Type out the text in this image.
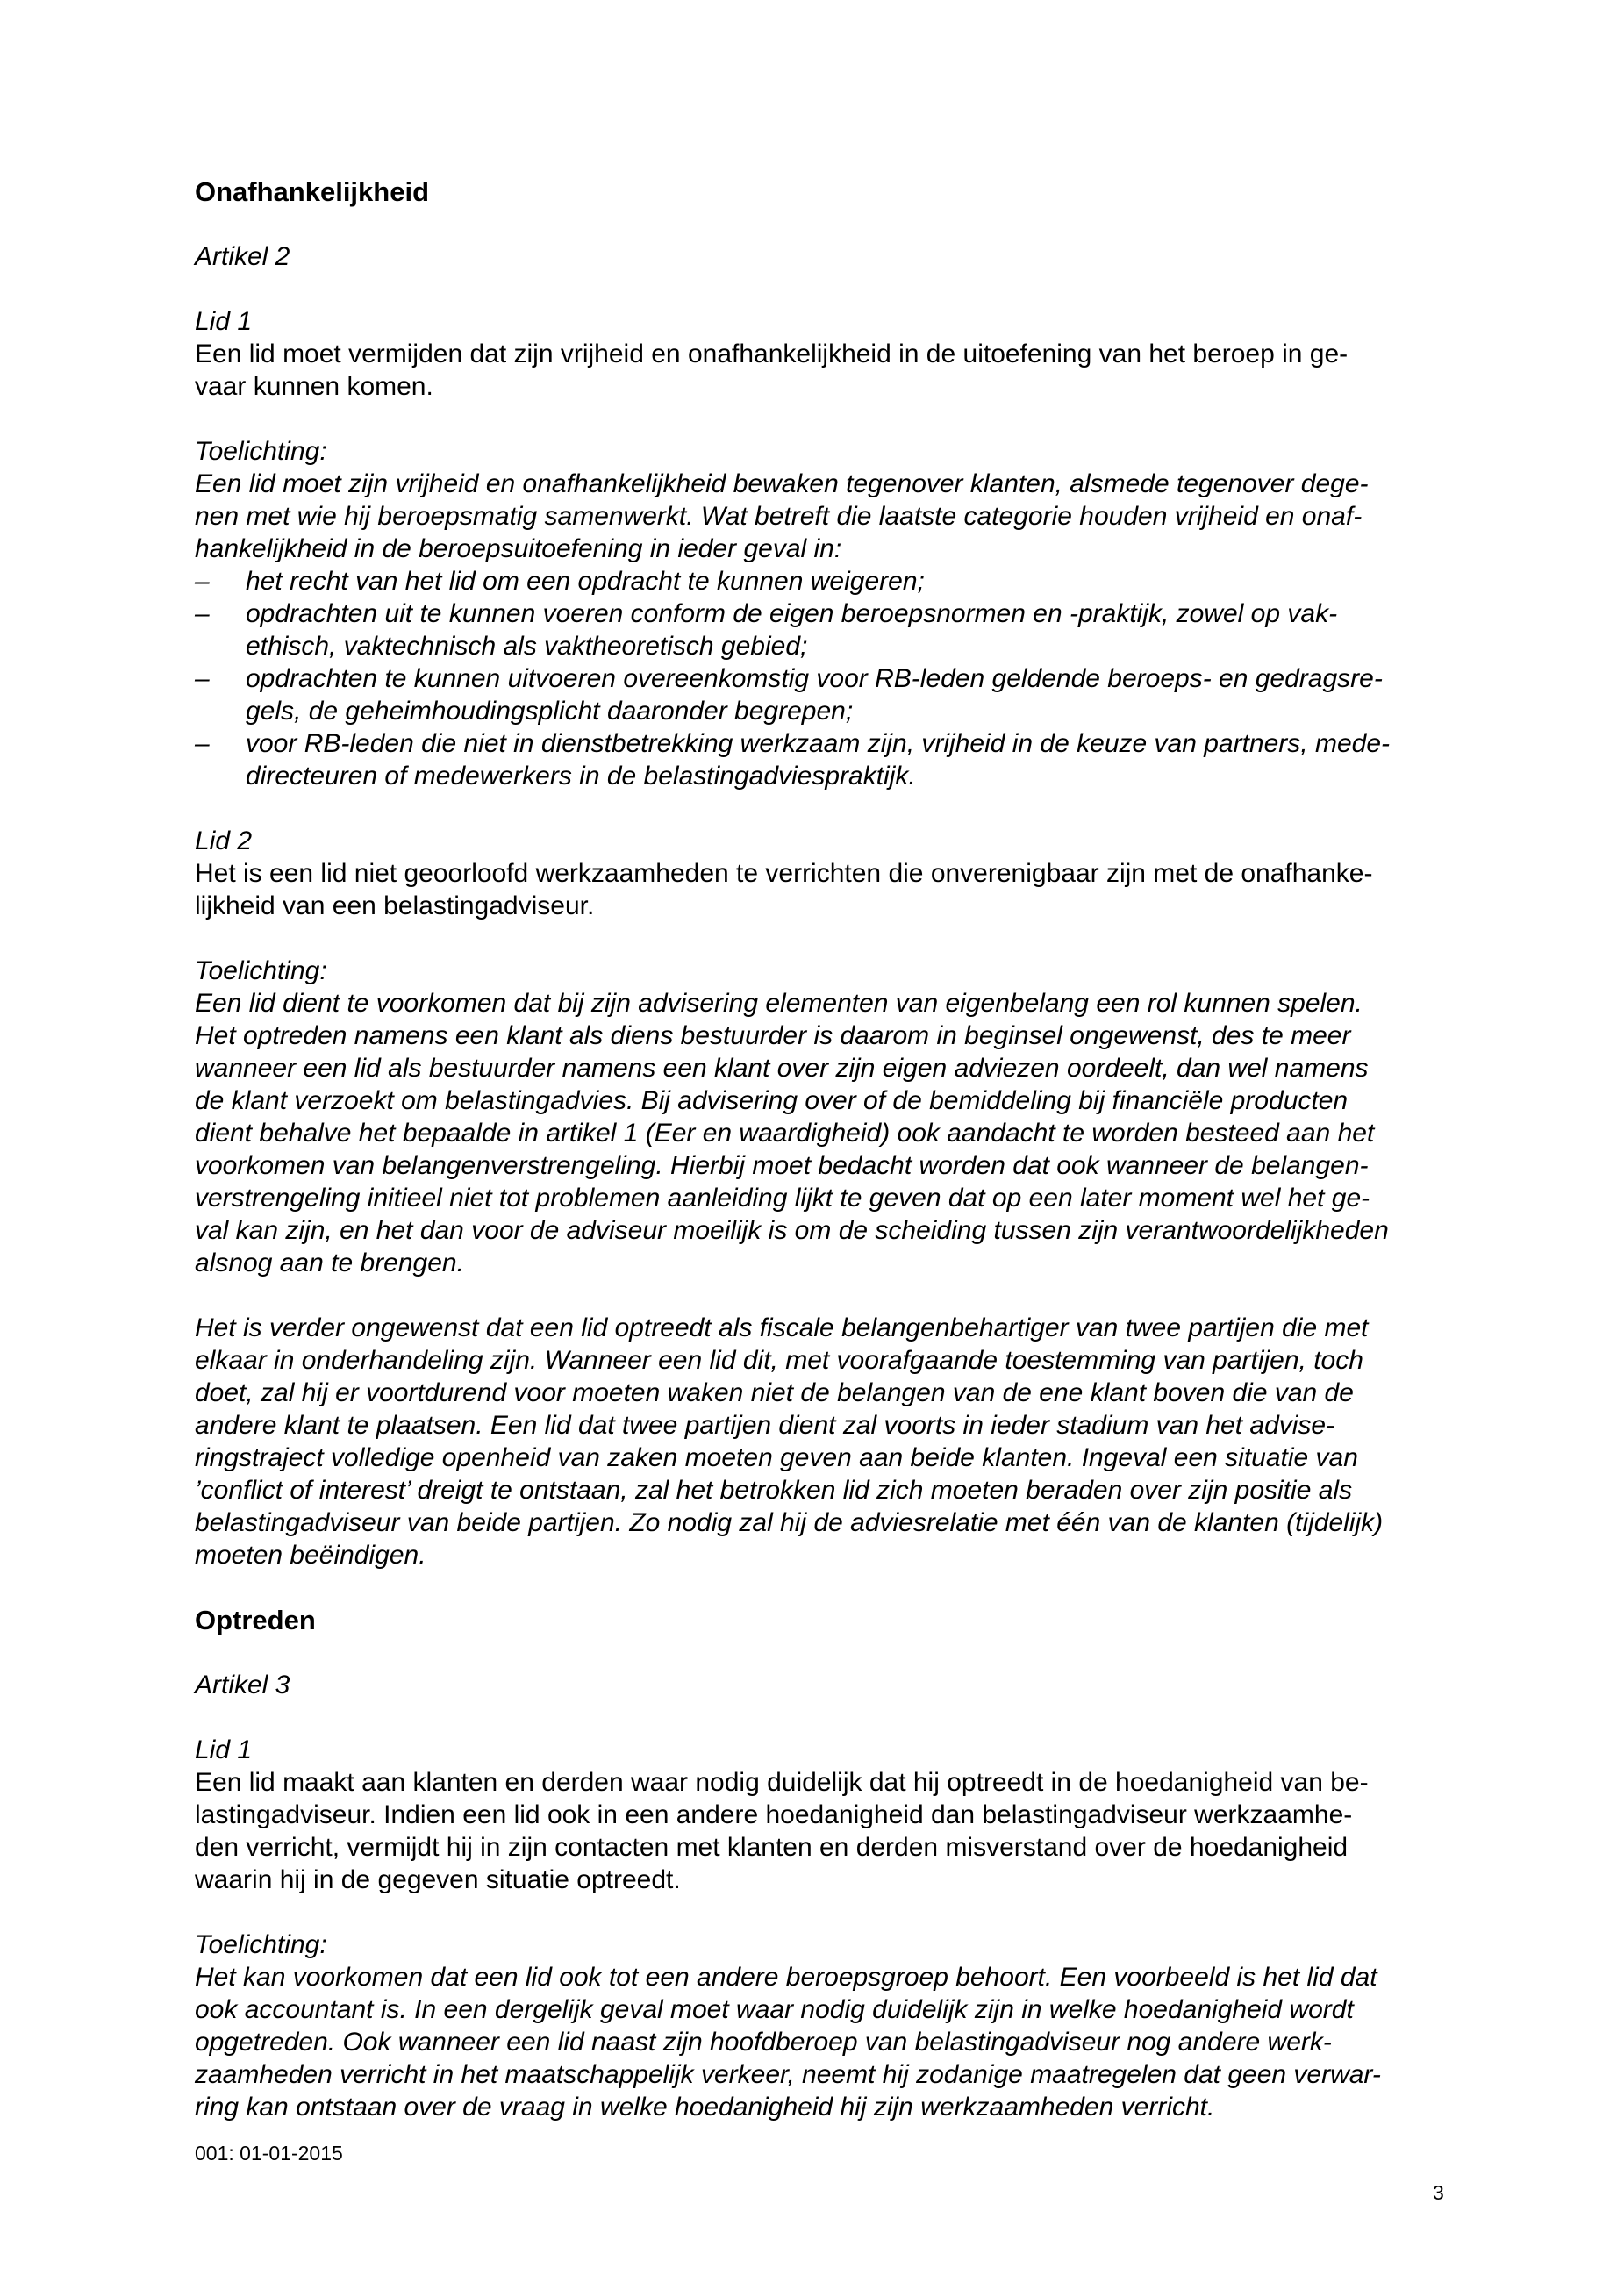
Onafhankelijkheid
Artikel 2
Lid 1
Een lid moet vermijden dat zijn vrijheid en onafhankelijkheid in de uitoefening van het beroep in ge-
vaar kunnen komen.
Toelichting:
Een lid moet zijn vrijheid en onafhankelijkheid bewaken tegenover klanten, alsmede tegenover dege-
nen met wie hij beroepsmatig samenwerkt. Wat betreft die laatste categorie houden vrijheid en onaf-
hankelijkheid in de beroepsuitoefening in ieder geval in:
– het recht van het lid om een opdracht te kunnen weigeren;
– opdrachten uit te kunnen voeren conform de eigen beroepsnormen en -praktijk, zowel op vak-
ethisch, vaktechnisch als vaktheoretisch gebied;
– opdrachten te kunnen uitvoeren overeenkomstig voor RB-leden geldende beroeps- en gedragsre-
gels, de geheimhoudingsplicht daaronder begrepen;
– voor RB-leden die niet in dienstbetrekking werkzaam zijn, vrijheid in de keuze van partners, mede-
directeuren of medewerkers in de belastingadviespraktijk.
Lid 2
Het is een lid niet geoorloofd werkzaamheden te verrichten die onverenigbaar zijn met de onafhanke-
lijkheid van een belastingadviseur.
Toelichting:
Een lid dient te voorkomen dat bij zijn advisering elementen van eigenbelang een rol kunnen spelen.
Het optreden namens een klant als diens bestuurder is daarom in beginsel ongewenst, des te meer
wanneer een lid als bestuurder namens een klant over zijn eigen adviezen oordeelt, dan wel namens
de klant verzoekt om belastingadvies. Bij advisering over of de bemiddeling bij financiële producten
dient behalve het bepaalde in artikel 1 (Eer en waardigheid) ook aandacht te worden besteed aan het
voorkomen van belangenverstrengeling. Hierbij moet bedacht worden dat ook wanneer de belangen-
verstrengeling initieel niet tot problemen aanleiding lijkt te geven dat op een later moment wel het ge-
val kan zijn, en het dan voor de adviseur moeilijk is om de scheiding tussen zijn verantwoordelijkheden
alsnog aan te brengen.
Het is verder ongewenst dat een lid optreedt als fiscale belangenbehartiger van twee partijen die met
elkaar in onderhandeling zijn. Wanneer een lid dit, met voorafgaande toestemming van partijen, toch
doet, zal hij er voortdurend voor moeten waken niet de belangen van de ene klant boven die van de
andere klant te plaatsen. Een lid dat twee partijen dient zal voorts in ieder stadium van het advise-
ringstraject volledige openheid van zaken moeten geven aan beide klanten. Ingeval een situatie van
’conflict of interest’ dreigt te ontstaan, zal het betrokken lid zich moeten beraden over zijn positie als
belastingadviseur van beide partijen. Zo nodig zal hij de adviesrelatie met één van de klanten (tijdelijk)
moeten beëindigen.
Optreden
Artikel 3
Lid 1
Een lid maakt aan klanten en derden waar nodig duidelijk dat hij optreedt in de hoedanigheid van be-
lastingadviseur. Indien een lid ook in een andere hoedanigheid dan belastingadviseur werkzaamhe-
den verricht, vermijdt hij in zijn contacten met klanten en derden misverstand over de hoedanigheid
waarin hij in de gegeven situatie optreedt.
Toelichting:
Het kan voorkomen dat een lid ook tot een andere beroepsgroep behoort. Een voorbeeld is het lid dat
ook accountant is. In een dergelijk geval moet waar nodig duidelijk zijn in welke hoedanigheid wordt
opgetreden. Ook wanneer een lid naast zijn hoofdberoep van belastingadviseur nog andere werk-
zaamheden verricht in het maatschappelijk verkeer, neemt hij zodanige maatregelen dat geen verwar-
ring kan ontstaan over de vraag in welke hoedanigheid hij zijn werkzaamheden verricht.
001: 01-01-2015
3
